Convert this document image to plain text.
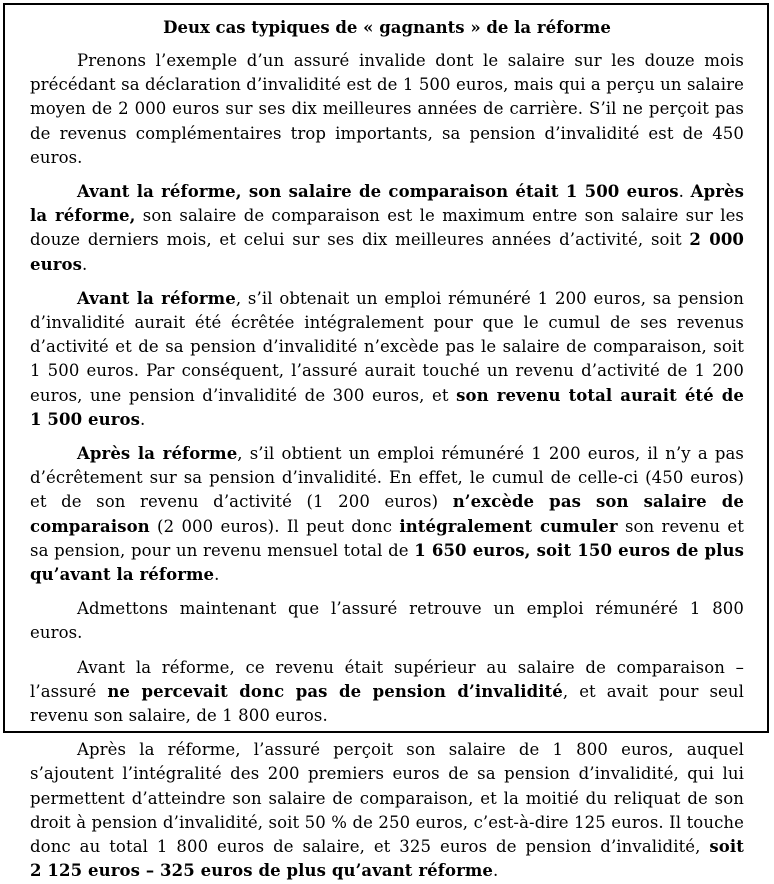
Deux cas typiques de « gagnants » de la réforme

Prenons l’exemple d’un assuré invalide dont le salaire sur les douze mois précédant sa déclaration d’invalidité est de 1 500 euros, mais qui a perçu un salaire moyen de 2 000 euros sur ses dix meilleures années de carrière. S’il ne perçoit pas de revenus complémentaires trop importants, sa pension d’invalidité est de 450 euros.

Avant la réforme, son salaire de comparaison était 1 500 euros. Après la réforme, son salaire de comparaison est le maximum entre son salaire sur les douze derniers mois, et celui sur ses dix meilleures années d’activité, soit 2 000 euros.

Avant la réforme, s’il obtenait un emploi rémunéré 1 200 euros, sa pension d’invalidité aurait été écrêtée intégralement pour que le cumul de ses revenus d’activité et de sa pension d’invalidité n’excède pas le salaire de comparaison, soit 1 500 euros. Par conséquent, l’assuré aurait touché un revenu d’activité de 1 200 euros, une pension d’invalidité de 300 euros, et son revenu total aurait été de 1 500 euros.

Après la réforme, s’il obtient un emploi rémunéré 1 200 euros, il n’y a pas d’écrêtement sur sa pension d’invalidité. En effet, le cumul de celle-ci (450 euros) et de son revenu d’activité (1 200 euros) n’excède pas son salaire de comparaison (2 000 euros). Il peut donc intégralement cumuler son revenu et sa pension, pour un revenu mensuel total de 1 650 euros, soit 150 euros de plus qu’avant la réforme.

Admettons maintenant que l’assuré retrouve un emploi rémunéré 1 800 euros.

Avant la réforme, ce revenu était supérieur au salaire de comparaison – l’assuré ne percevait donc pas de pension d’invalidité, et avait pour seul revenu son salaire, de 1 800 euros.

Après la réforme, l’assuré perçoit son salaire de 1 800 euros, auquel s’ajoutent l’intégralité des 200 premiers euros de sa pension d’invalidité, qui lui permettent d’atteindre son salaire de comparaison, et la moitié du reliquat de son droit à pension d’invalidité, soit 50 % de 250 euros, c’est-à-dire 125 euros. Il touche donc au total 1 800 euros de salaire, et 325 euros de pension d’invalidité, soit 2 125 euros – 325 euros de plus qu’avant réforme.
